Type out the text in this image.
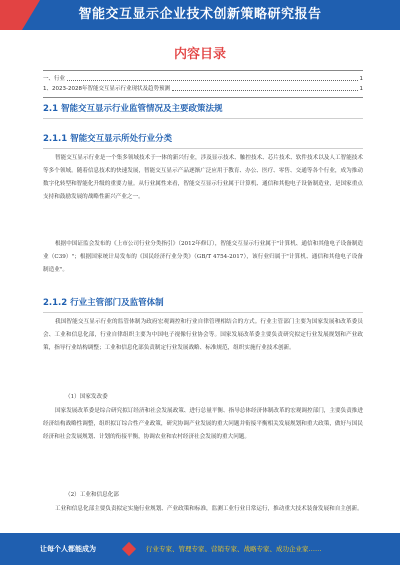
智能交互显示企业技术创新策略研究报告
内容目录
一、行业	1
1、2023-2028年智能交互显示行业现状及趋势预测	1
2.1 智能交互显示行业监管情况及主要政策法规
2.1.1 智能交互显示所处行业分类
智能交互显示行业是一个集多领域技术于一体的新兴行业，涉及显示技术、触控技术、芯片技术、软件技术以及人工智能技术等多个领域。随着信息技术的快速发展，智能交互显示产品逐渐广泛应用于教育、办公、医疗、零售、交通等各个行业，成为推动数字化转型和智能化升级的重要力量。从行业属性来看，智能交互显示行业属于计算机、通信和其他电子设备制造业，是国家重点支持和鼓励发展的战略性新兴产业之一。
根据中国证监会发布的《上市公司行业分类指引》（2012年修订），智能交互显示行业属于"计算机、通信和其他电子设备制造业（C39）"；根据国家统计局发布的《国民经济行业分类》（GB/T 4754-2017），该行业归属于"计算机、通信和其他电子设备制造业"。
2.1.2 行业主管部门及监管体制
我国智能交互显示行业的监管体制为政府宏观调控和行业自律管理相结合的方式。行业主管部门主要为国家发展和改革委员会、工业和信息化部，行业自律组织主要为中国电子视像行业协会等。国家发展改革委主要负责研究拟定行业发展规划和产业政策，指导行业结构调整；工业和信息化部负责制定行业发展战略、标准规范，组织实施行业技术创新。
（1）国家发改委
国家发展改革委是综合研究拟订经济和社会发展政策、进行总量平衡、指导总体经济体制改革的宏观调控部门，主要负责推进经济结构战略性调整，组织拟订综合性产业政策，研究协调产业发展的重大问题并衔接平衡相关发展规划和重大政策，做好与国民经济和社会发展规划、计划的衔接平衡，协调农业和农村经济社会发展的重大问题。
（2）工业和信息化部
工业和信息化部主要负责拟定实施行业规划、产业政策和标准，监测工业行业日常运行，推动重大技术装备发展和自主创新。
让每个人都能成为	行业专家、管理专家、营销专家、战略专家、成功企业家……
